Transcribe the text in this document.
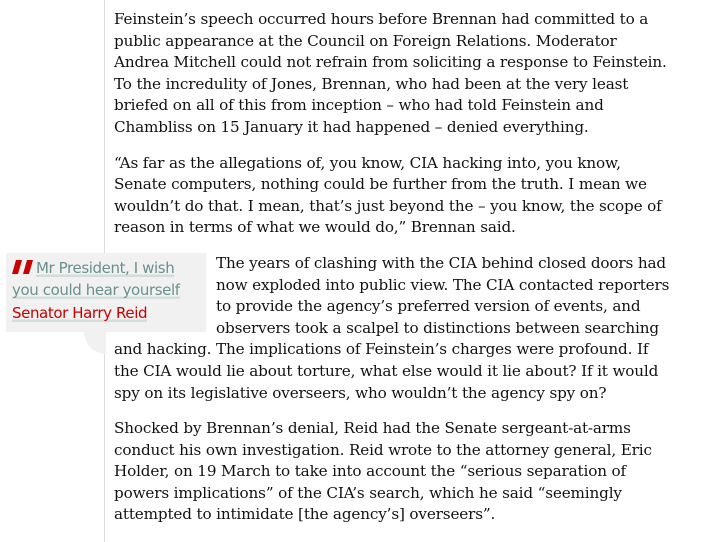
Feinstein’s speech occurred hours before Brennan had committed to a public appearance at the Council on Foreign Relations. Moderator Andrea Mitchell could not refrain from soliciting a response to Feinstein. To the incredulity of Jones, Brennan, who had been at the very least briefed on all of this from inception – who had told Feinstein and Chambliss on 15 January it had happened – denied everything.

“As far as the allegations of, you know, CIA hacking into, you know, Senate computers, nothing could be further from the truth. I mean we wouldn’t do that. I mean, that’s just beyond the – you know, the scope of reason in terms of what we would do,” Brennan said.

Mr President, I wish you could hear yourself
Senator Harry Reid

The years of clashing with the CIA behind closed doors had now exploded into public view. The CIA contacted reporters to provide the agency’s preferred version of events, and observers took a scalpel to distinctions between searching and hacking. The implications of Feinstein’s charges were profound. If the CIA would lie about torture, what else would it lie about? If it would spy on its legislative overseers, who wouldn’t the agency spy on?

Shocked by Brennan’s denial, Reid had the Senate sergeant-at-arms conduct his own investigation. Reid wrote to the attorney general, Eric Holder, on 19 March to take into account the “serious separation of powers implications” of the CIA’s search, which he said “seemingly attempted to intimidate [the agency’s] overseers”.
